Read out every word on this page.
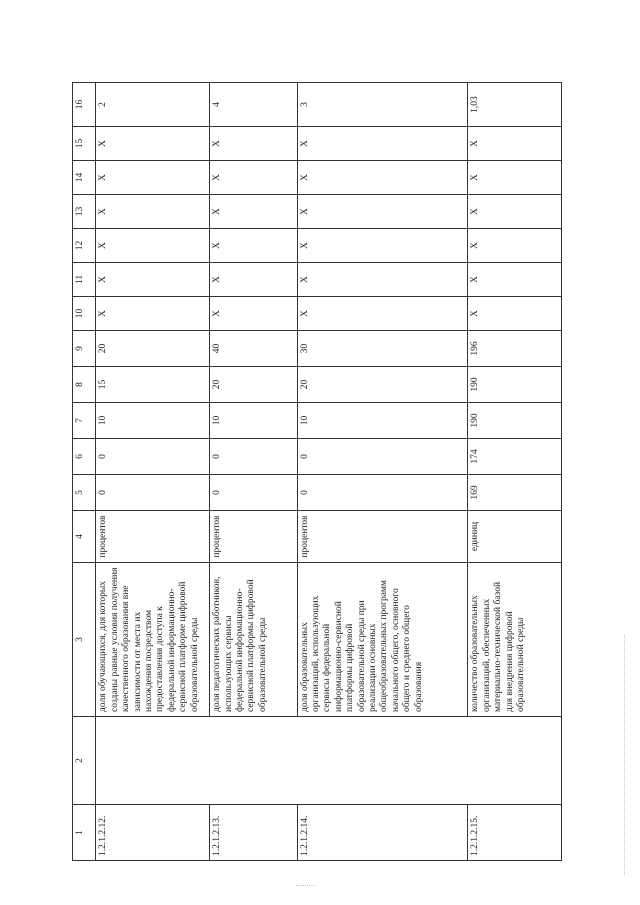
1	2	3	4	5	6	7	8	9	10	11	12	13	14	15	16
1.2.1.2.12.		доля обучающихся, для которых созданы равные условия получения качественного образования вне зависимости от места их нахождения посредством предоставления доступа к федеральной информационно-сервисной платформе цифровой образовательной среды	процентов	0	0	10	15	20	X	X	X	X	X	X	2
1.2.1.2.13.		доля педагогических работников, использующих сервисы федеральной информационно-сервисной платформы цифровой образовательной среды	процентов	0	0	10	20	40	X	X	X	X	X	X	4
1.2.1.2.14.		доля образовательных организаций, использующих сервисы федеральной информационно-сервисной платформы цифровой образовательной среды при реализации основных общеобразовательных программ начального общего, основного общего и среднего общего образования	процентов	0	0	10	20	30	X	X	X	X	X	X	3
1.2.1.2.15.		количество образовательных организаций, обеспеченных материально-технической базой для внедрения цифровой образовательной среды	единиц	169	174	190	190	196	X	X	X	X	X	X	1,03
